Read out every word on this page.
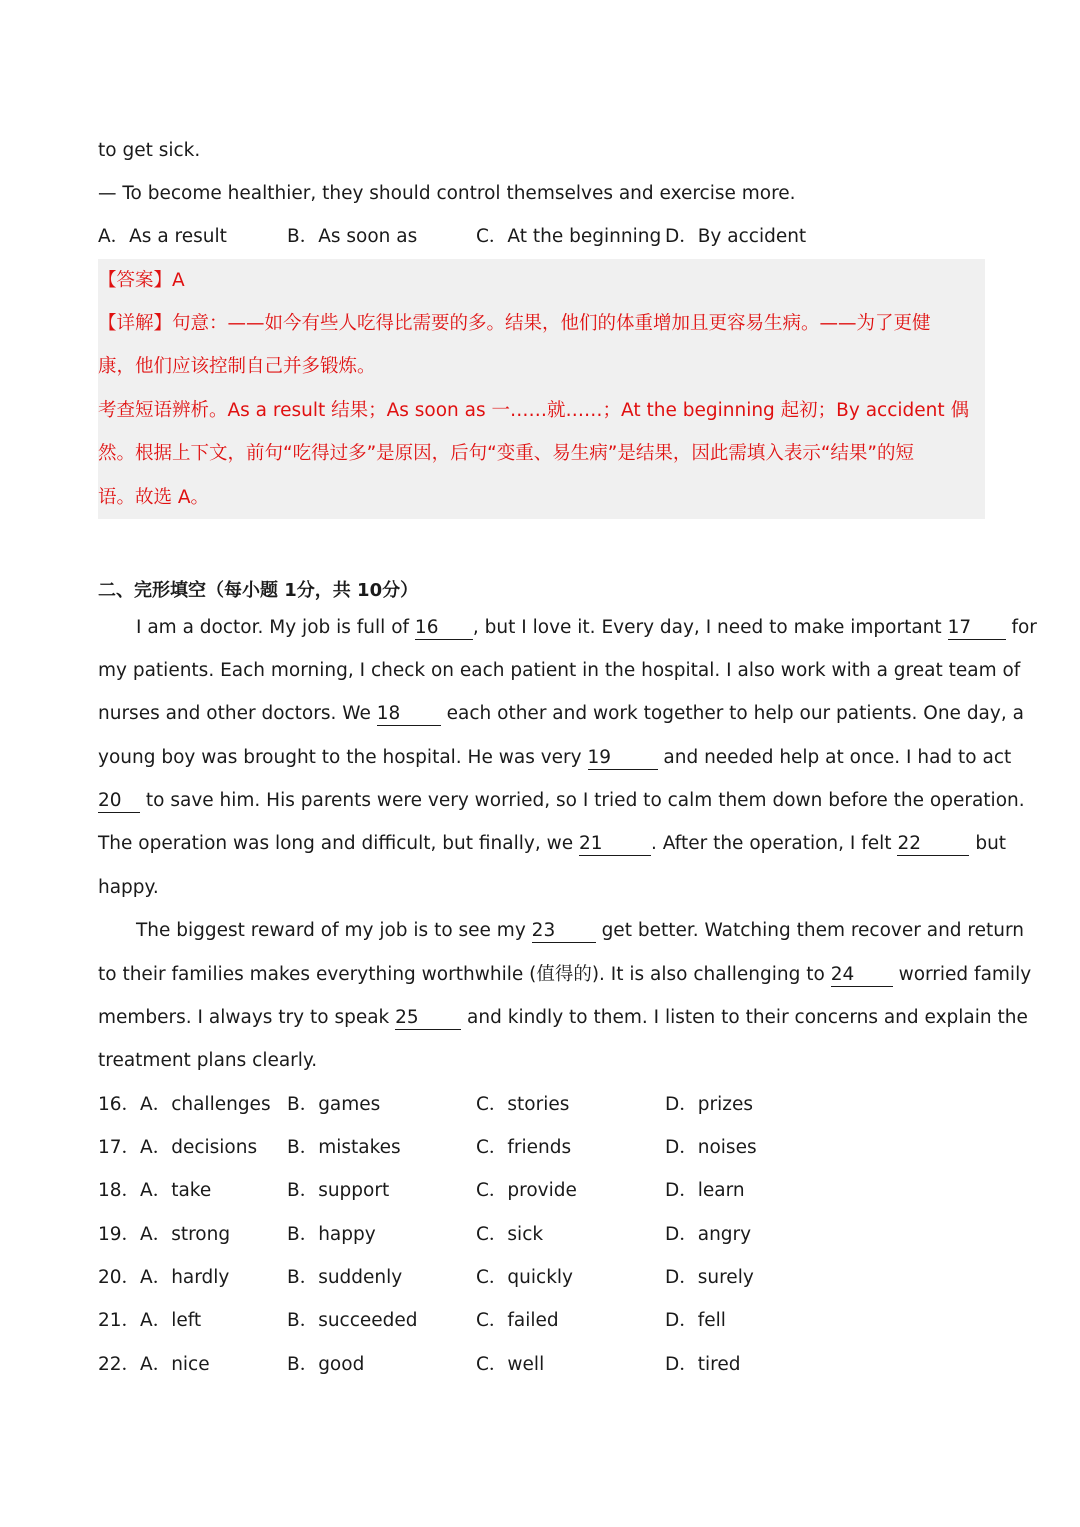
to get sick.
— To become healthier, they should control themselves and exercise more.
A．As a result	B．As soon as	C．At the beginning D．By accident
【答案】A
【详解】句意：——如今有些人吃得比需要的多。结果，他们的体重增加且更容易生病。——为了更健
康，他们应该控制自己并多锻炼。
考查短语辨析。As a result 结果；As soon as 一……就……；At the beginning 起初；By accident 偶
然。根据上下文，前句“吃得过多”是原因，后句“变重、易生病”是结果，因此需填入表示“结果”的短
语。故选 A。
二、完形填空（每小题 1分，共 10分）
I am a doctor. My job is full of 16 , but I love it. Every day, I need to make important 17 for
my patients. Each morning, I check on each patient in the hospital. I also work with a great team of
nurses and other doctors. We 18	each other and work together to help our patients. One day, a
young boy was brought to the hospital. He was very 19	and needed help at once. I had to act
20 to save him. His parents were very worried, so I tried to calm them down before the operation.
The operation was long and difficult, but finally, we 21	. After the operation, I felt 22	but
happy.
The biggest reward of my job is to see my 23	get better. Watching them recover and return
to their families makes everything worthwhile (值得的). It is also challenging to 24 worried family
members. I always try to speak 25	and kindly to them. I listen to their concerns and explain the
treatment plans clearly.
16．A．challenges B．games	C．stories	D．prizes
17．A．decisions B．mistakes	C．friends	D．noises
18．A．take	B．support	C．provide	D．learn
19．A．strong	B．happy	C．sick	D．angry
20．A．hardly	B．suddenly	C．quickly	D．surely
21．A．left	B．succeeded	C．failed	D．fell
22．A．nice	B．good	C．well	D．tired
